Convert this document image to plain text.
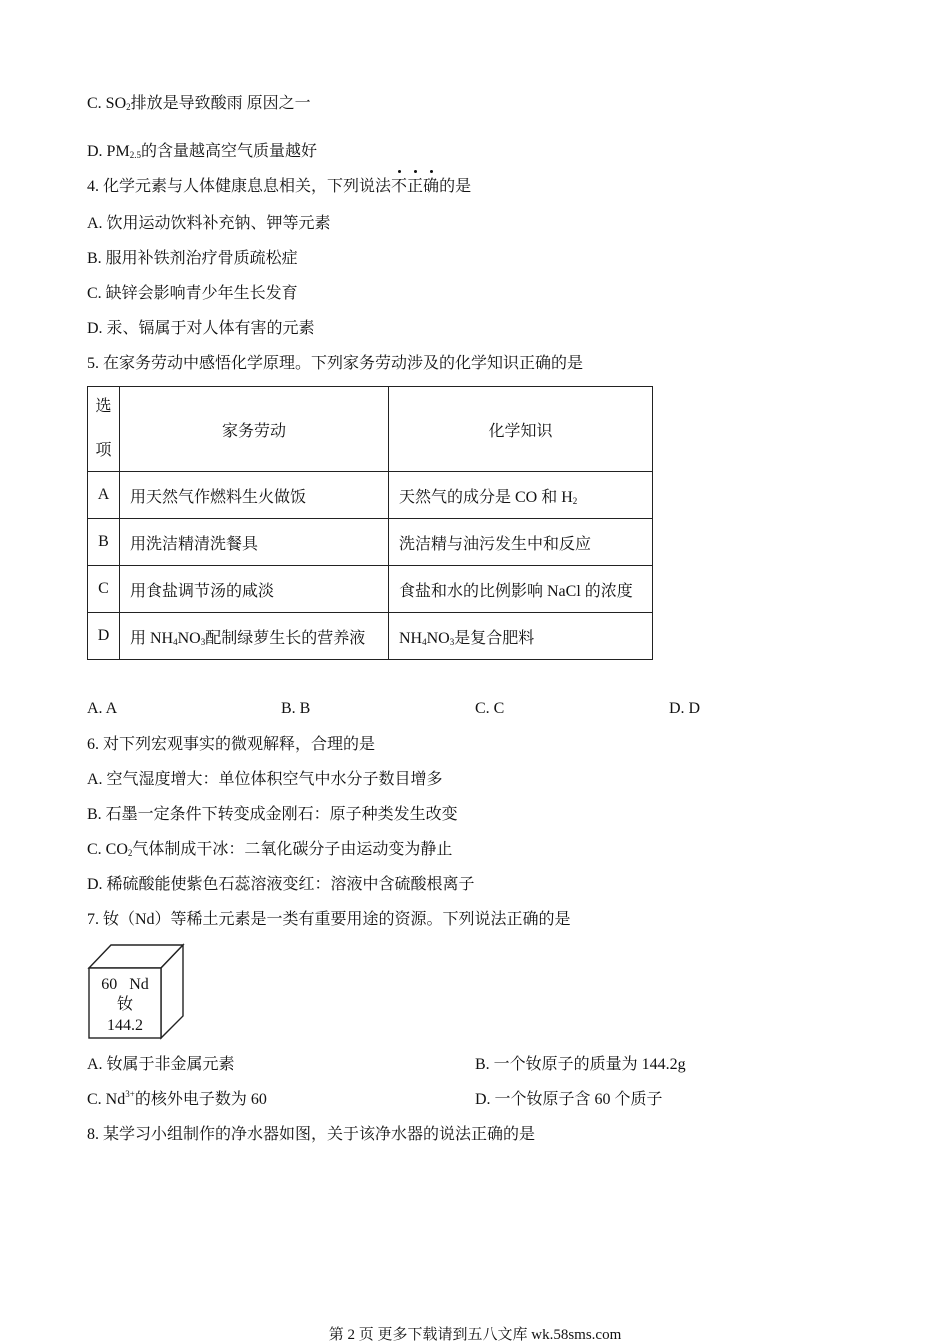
C. $SO_2$排放是导致酸雨 原因之一
D. $PM_{2.5}$的含量越高空气质量越好
4. 化学元素与人体健康息息相关，下列说法不正确的是
A. 饮用运动饮料补充钠、钾等元素
B. 服用补铁剂治疗骨质疏松症
C. 缺锌会影响青少年生长发育
D. 汞、镉属于对人体有害的元素
5. 在家务劳动中感悟化学原理。下列家务劳动涉及的化学知识正确的是
选

项	家务劳动	化学知识
A	用天然气作燃料生火做饭	天然气的成分是 CO 和 $H_2$
B	用洗洁精清洗餐具	洗洁精与油污发生中和反应
C	用食盐调节汤的咸淡	食盐和水的比例影响 NaCl 的浓度
D	用 $NH_4NO_3$配制绿萝生长的营养液	$NH_4NO_3$是复合肥料
A. A	B. B	C. C	D. D
6. 对下列宏观事实的微观解释，合理的是
A. 空气湿度增大：单位体积空气中水分子数目增多
B. 石墨一定条件下转变成金刚石：原子种类发生改变
C. $CO_2$气体制成干冰：二氧化碳分子由运动变为静止
D. 稀硫酸能使紫色石蕊溶液变红：溶液中含硫酸根离子
7. 钕（Nd）等稀土元素是一类有重要用途的资源。下列说法正确的是
60 Nd
钕
144.2
A. 钕属于非金属元素	B. 一个钕原子的质量为 144.2g
C. $Nd^{3+}$的核外电子数为 60	D. 一个钕原子含 60 个质子
8. 某学习小组制作的净水器如图，关于该净水器的说法正确的是
第 2 页 更多下载请到五八文库 wk.58sms.com
